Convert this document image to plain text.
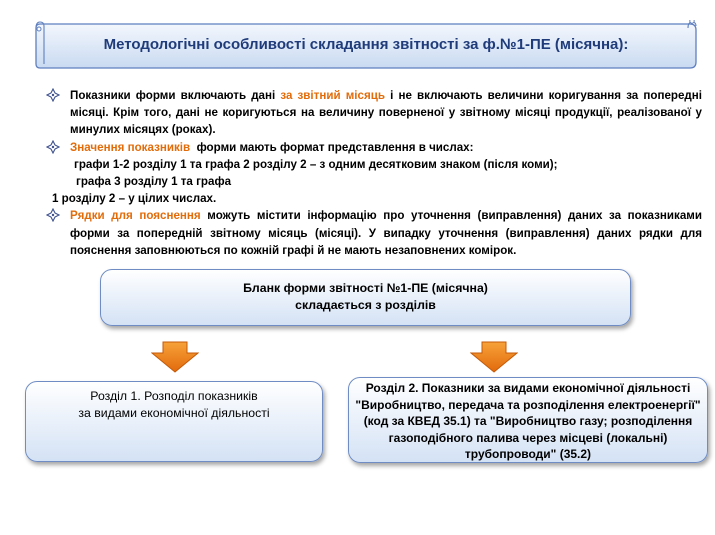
Методологічні особливості складання звітності за ф.№1-ПЕ (місячна):
Показники форми включають дані за звітний місяць і не включають величини коригування за попередні місяці. Крім того, дані не коригуються на величину поверненої у звітному місяці продукції, реалізованої у минулих місяцях (роках).
Значення показників  форми мають формат представлення в числах:
графи 1-2 розділу 1 та графа 2 розділу 2 – з одним десятковим знаком (після коми);
графа 3 розділу 1 та графа
1 розділу 2 – у цілих числах.
Рядки для пояснення можуть містити інформацію про уточнення (виправлення) даних за показниками форми за попередній звітному місяць (місяці). У випадку уточнення (виправлення) даних рядки для пояснення заповнюються по кожній графі й не мають незаповнених комірок.
Бланк форми звітності №1-ПЕ (місячна)
складається з розділів
Розділ 1. Розподіл показників
за видами економічної діяльності
Розділ 2. Показники за видами економічної діяльності "Виробництво, передача та розподілення електроенергії"(код за КВЕД 35.1) та "Виробництво газу; розподілення газоподібного палива через місцеві (локальні) трубопроводи" (35.2)
